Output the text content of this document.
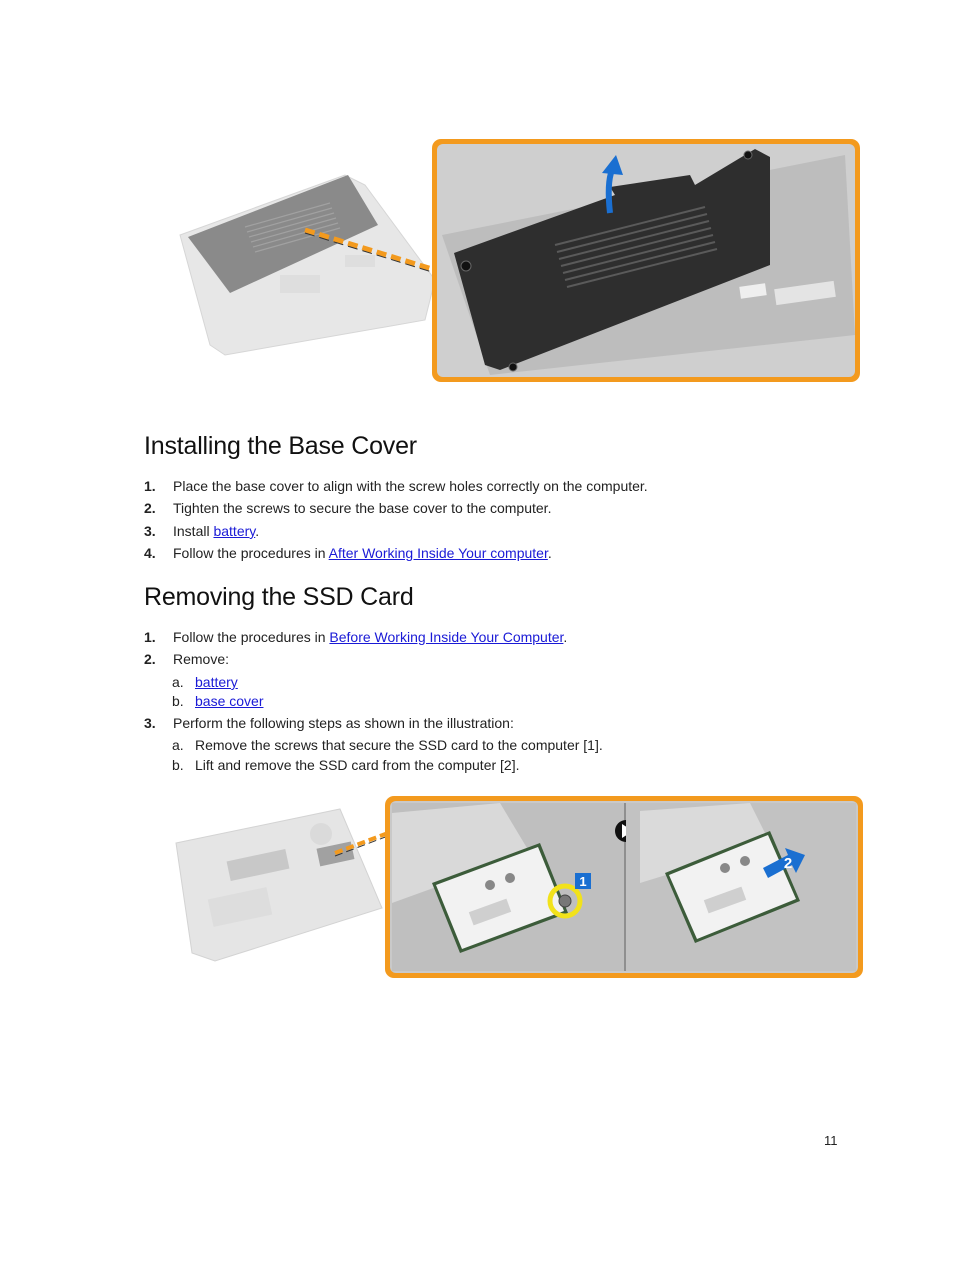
Installing the Base Cover
1. Place the base cover to align with the screw holes correctly on the computer.
2. Tighten the screws to secure the base cover to the computer.
3. Install battery.
4. Follow the procedures in After Working Inside Your computer.
Removing the SSD Card
1. Follow the procedures in Before Working Inside Your Computer.
2. Remove:
a. battery
b. base cover
3. Perform the following steps as shown in the illustration:
a. Remove the screws that secure the SSD card to the computer [1].
b. Lift and remove the SSD card from the computer [2].
1
2
11
